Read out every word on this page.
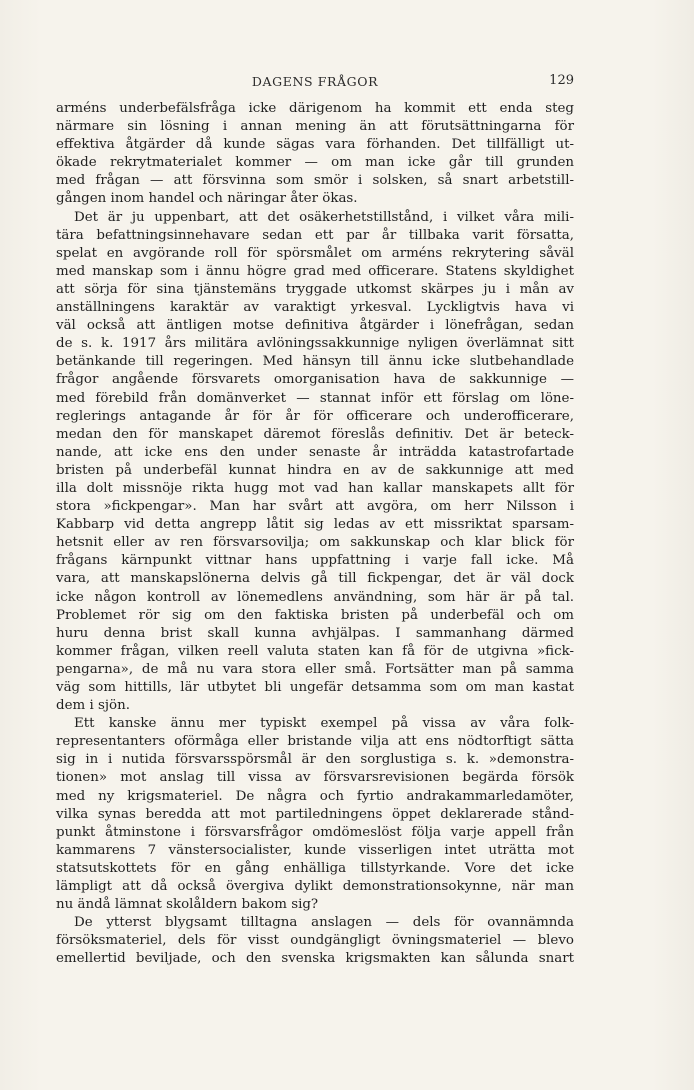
DAGENS FRÅGOR	129
arméns underbefälsfråga icke därigenom ha kommit ett enda steg
närmare sin lösning i annan mening än att förutsättningarna för
effektiva åtgärder då kunde sägas vara förhanden. Det tillfälligt ut-
ökade rekrytmaterialet kommer — om man icke går till grunden
med frågan — att försvinna som smör i solsken, så snart arbetstill-
gången inom handel och näringar åter ökas.
Det är ju uppenbart, att det osäkerhetstillstånd, i vilket våra mili-
tära befattningsinnehavare sedan ett par år tillbaka varit försatta,
spelat en avgörande roll för spörsmålet om arméns rekrytering såväl
med manskap som i ännu högre grad med officerare. Statens skyldighet
att sörja för sina tjänstemäns tryggade utkomst skärpes ju i mån av
anställningens karaktär av varaktigt yrkesval. Lyckligtvis hava vi
väl också att äntligen motse definitiva åtgärder i lönefrågan, sedan
de s. k. 1917 års militära avlöningssakkunnige nyligen överlämnat sitt
betänkande till regeringen. Med hänsyn till ännu icke slutbehandlade
frågor angående försvarets omorganisation hava de sakkunnige —
med förebild från domänverket — stannat inför ett förslag om löne-
reglerings antagande år för år för officerare och underofficerare,
medan den för manskapet däremot föreslås definitiv. Det är beteck-
nande, att icke ens den under senaste år inträdda katastrofartade
bristen på underbefäl kunnat hindra en av de sakkunnige att med
illa dolt missnöje rikta hugg mot vad han kallar manskapets allt för
stora »fickpengar». Man har svårt att avgöra, om herr Nilsson i
Kabbarp vid detta angrepp låtit sig ledas av ett missriktat sparsam-
hetsnit eller av ren försvarsovilja; om sakkunskap och klar blick för
frågans kärnpunkt vittnar hans uppfattning i varje fall icke. Må
vara, att manskapslönerna delvis gå till fickpengar, det är väl dock
icke någon kontroll av lönemedlens användning, som här är på tal.
Problemet rör sig om den faktiska bristen på underbefäl och om
huru denna brist skall kunna avhjälpas. I sammanhang därmed
kommer frågan, vilken reell valuta staten kan få för de utgivna »fick-
pengarna», de må nu vara stora eller små. Fortsätter man på samma
väg som hittills, lär utbytet bli ungefär detsamma som om man kastat
dem i sjön.
Ett kanske ännu mer typiskt exempel på vissa av våra folk-
representanters oförmåga eller bristande vilja att ens nödtorftigt sätta
sig in i nutida försvarsspörsmål är den sorglustiga s. k. »demonstra-
tionen» mot anslag till vissa av försvarsrevisionen begärda försök
med ny krigsmateriel. De några och fyrtio andrakammarledamöter,
vilka synas beredda att mot partiledningens öppet deklarerade stånd-
punkt åtminstone i försvarsfrågor omdömeslöst följa varje appell från
kammarens 7 vänstersocialister, kunde visserligen intet uträtta mot
statsutskottets för en gång enhälliga tillstyrkande. Vore det icke
lämpligt att då också övergiva dylikt demonstrationsokynne, när man
nu ändå lämnat skolåldern bakom sig?
De ytterst blygsamt tilltagna anslagen — dels för ovannämnda
försöksmateriel, dels för visst oundgängligt övningsmateriel — blevo
emellertid beviljade, och den svenska krigsmakten kan sålunda snart
